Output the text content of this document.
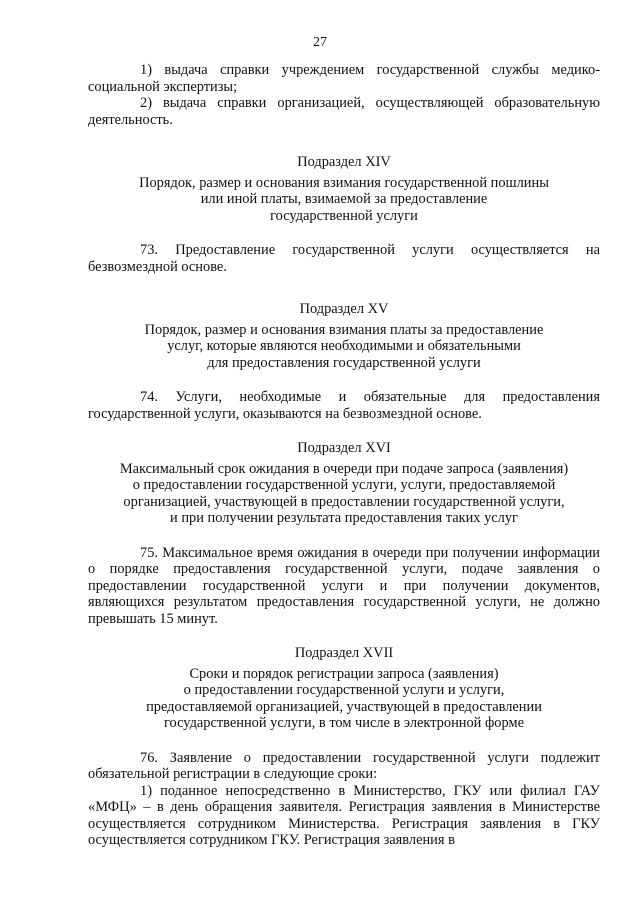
27

1) выдача справки учреждением государственной службы медико-социальной экспертизы;

2) выдача справки организацией, осуществляющей образовательную деятельность.

Подраздел XIV
Порядок, размер и основания взимания государственной пошлины
или иной платы, взимаемой за предоставление
государственной услуги

73. Предоставление государственной услуги осуществляется на безвозмездной основе.

Подраздел XV
Порядок, размер и основания взимания платы за предоставление
услуг, которые являются необходимыми и обязательными
для предоставления государственной услуги

74. Услуги, необходимые и обязательные для предоставления государственной услуги, оказываются на безвозмездной основе.

Подраздел XVI
Максимальный срок ожидания в очереди при подаче запроса (заявления)
о предоставлении государственной услуги, услуги, предоставляемой
организацией, участвующей в предоставлении государственной услуги,
и при получении результата предоставления таких услуг

75. Максимальное время ожидания в очереди при получении информации о порядке предоставления государственной услуги, подаче заявления о предоставлении государственной услуги и при получении документов, являющихся результатом предоставления государственной услуги, не должно превышать 15 минут.

Подраздел XVII
Сроки и порядок регистрации запроса (заявления)
о предоставлении государственной услуги и услуги,
предоставляемой организацией, участвующей в предоставлении
государственной услуги, в том числе в электронной форме

76. Заявление о предоставлении государственной услуги подлежит обязательной регистрации в следующие сроки:

1) поданное непосредственно в Министерство, ГКУ или филиал ГАУ «МФЦ» – в день обращения заявителя. Регистрация заявления в Министерстве осуществляется сотрудником Министерства. Регистрация заявления в ГКУ осуществляется сотрудником ГКУ. Регистрация заявления в
